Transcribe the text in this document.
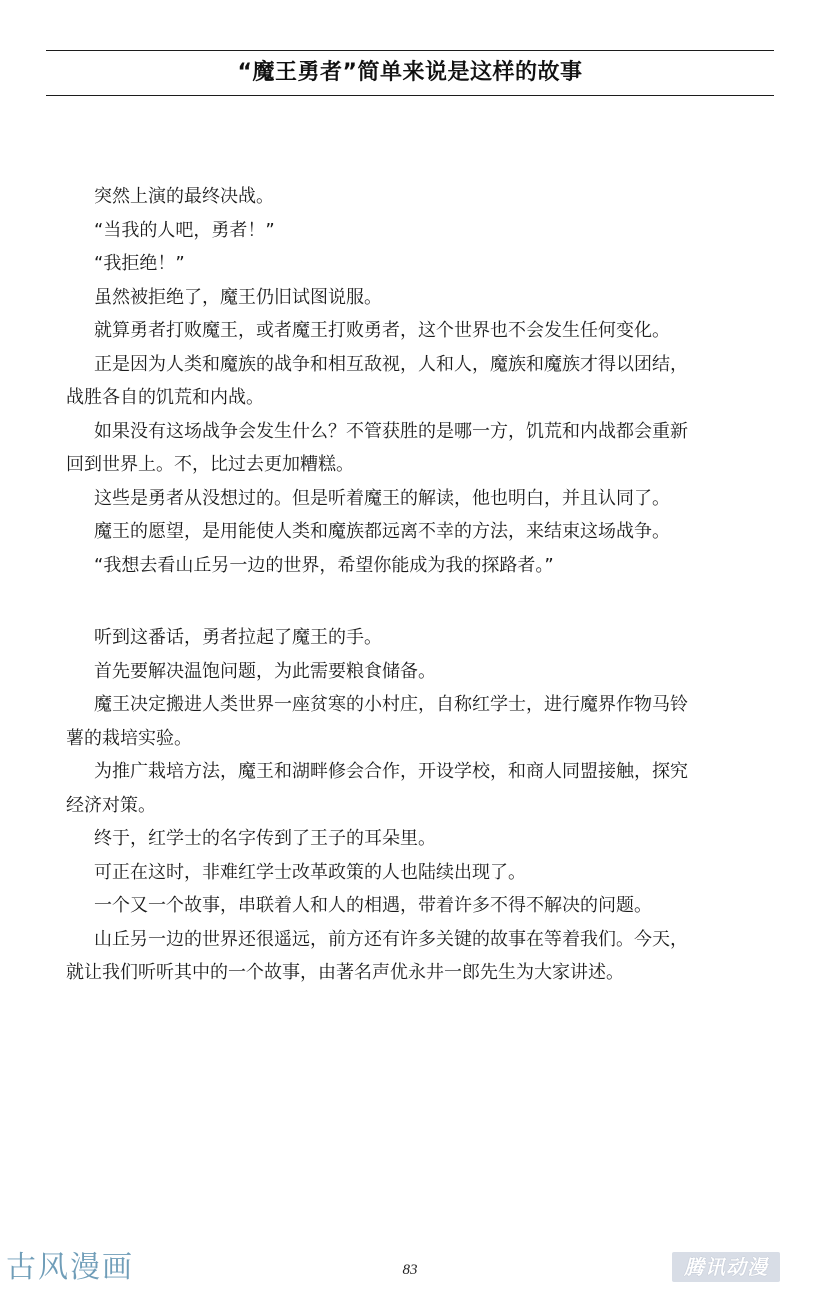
“魔王勇者”简单来说是这样的故事
突然上演的最终决战。
“当我的人吧，勇者！”
“我拒绝！”
虽然被拒绝了，魔王仍旧试图说服。
就算勇者打败魔王，或者魔王打败勇者，这个世界也不会发生任何变化。
正是因为人类和魔族的战争和相互敌视，人和人，魔族和魔族才得以团结，
战胜各自的饥荒和内战。
如果没有这场战争会发生什么？不管获胜的是哪一方，饥荒和内战都会重新
回到世界上。不，比过去更加糟糕。
这些是勇者从没想过的。但是听着魔王的解读，他也明白，并且认同了。
魔王的愿望，是用能使人类和魔族都远离不幸的方法，来结束这场战争。
“我想去看山丘另一边的世界，希望你能成为我的探路者。”
听到这番话，勇者拉起了魔王的手。
首先要解决温饱问题，为此需要粮食储备。
魔王决定搬进人类世界一座贫寒的小村庄，自称红学士，进行魔界作物马铃
薯的栽培实验。
为推广栽培方法，魔王和湖畔修会合作，开设学校，和商人同盟接触，探究
经济对策。
终于，红学士的名字传到了王子的耳朵里。
可正在这时，非难红学士改革政策的人也陆续出现了。
一个又一个故事，串联着人和人的相遇，带着许多不得不解决的问题。
山丘另一边的世界还很遥远，前方还有许多关键的故事在等着我们。今天，
就让我们听听其中的一个故事，由著名声优永井一郎先生为大家讲述。
古风漫画	83	腾讯动漫
